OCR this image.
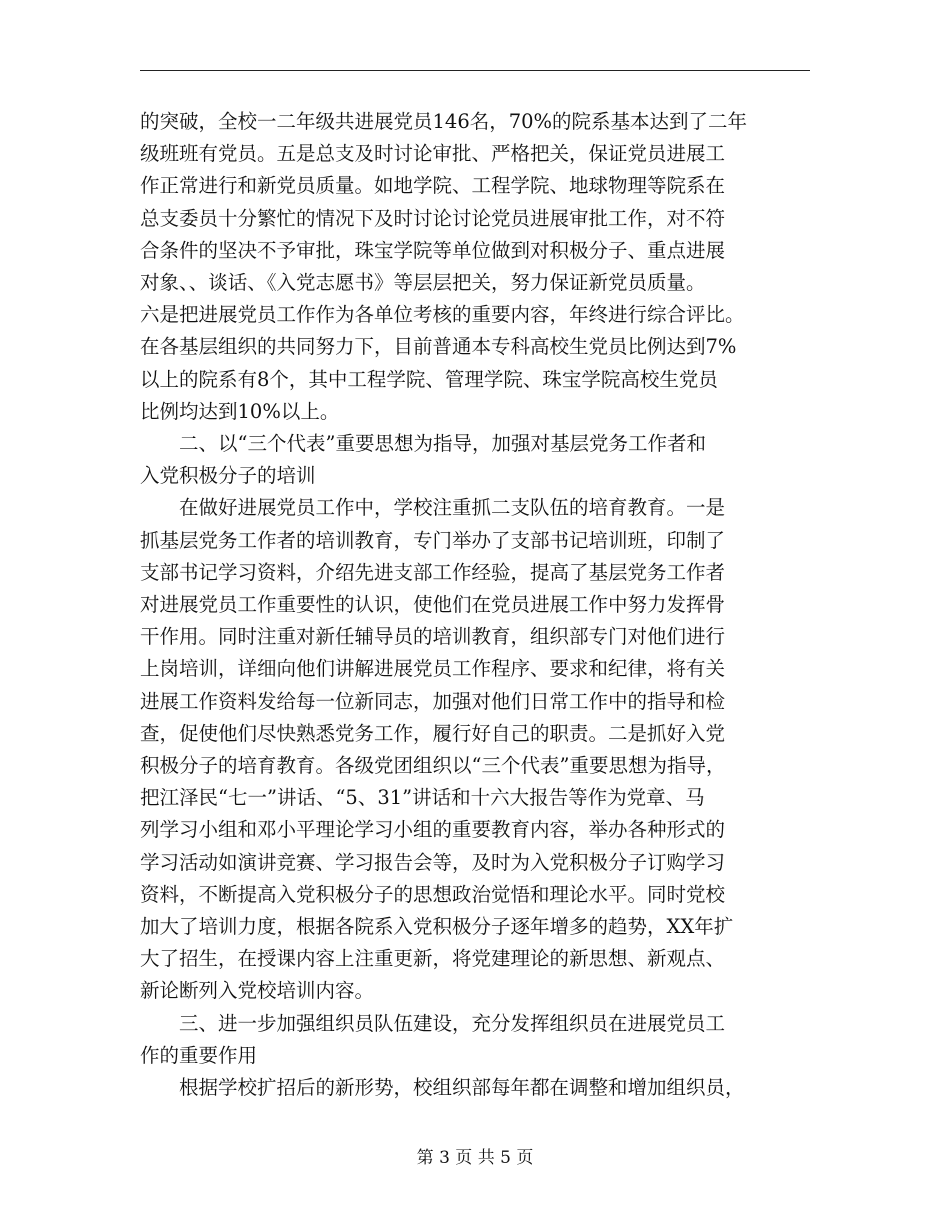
的突破，全校一二年级共进展党员146名，70%的院系基本达到了二年
级班班有党员。五是总支及时讨论审批、严格把关，保证党员进展工
作正常进行和新党员质量。如地学院、工程学院、地球物理等院系在
总支委员十分繁忙的情况下及时讨论讨论党员进展审批工作，对不符
合条件的坚决不予审批，珠宝学院等单位做到对积极分子、重点进展
对象、、谈话、《入党志愿书》等层层把关，努力保证新党员质量。
六是把进展党员工作作为各单位考核的重要内容，年终进行综合评比。
在各基层组织的共同努力下，目前普通本专科高校生党员比例达到7%
以上的院系有8个，其中工程学院、管理学院、珠宝学院高校生党员
比例均达到10%以上。
　　二、以“三个代表”重要思想为指导，加强对基层党务工作者和
入党积极分子的培训
　　在做好进展党员工作中，学校注重抓二支队伍的培育教育。一是
抓基层党务工作者的培训教育，专门举办了支部书记培训班，印制了
支部书记学习资料，介绍先进支部工作经验，提高了基层党务工作者
对进展党员工作重要性的认识，使他们在党员进展工作中努力发挥骨
干作用。同时注重对新任辅导员的培训教育，组织部专门对他们进行
上岗培训，详细向他们讲解进展党员工作程序、要求和纪律，将有关
进展工作资料发给每一位新同志，加强对他们日常工作中的指导和检
查，促使他们尽快熟悉党务工作，履行好自己的职责。二是抓好入党
积极分子的培育教育。各级党团组织以“三个代表”重要思想为指导，
把江泽民“七一”讲话、“5、31”讲话和十六大报告等作为党章、马
列学习小组和邓小平理论学习小组的重要教育内容，举办各种形式的
学习活动如演讲竞赛、学习报告会等，及时为入党积极分子订购学习
资料，不断提高入党积极分子的思想政治觉悟和理论水平。同时党校
加大了培训力度，根据各院系入党积极分子逐年增多的趋势，XX年扩
大了招生，在授课内容上注重更新，将党建理论的新思想、新观点、
新论断列入党校培训内容。
　　三、进一步加强组织员队伍建设，充分发挥组织员在进展党员工
作的重要作用
　　根据学校扩招后的新形势，校组织部每年都在调整和增加组织员，

第 3 页 共 5 页
